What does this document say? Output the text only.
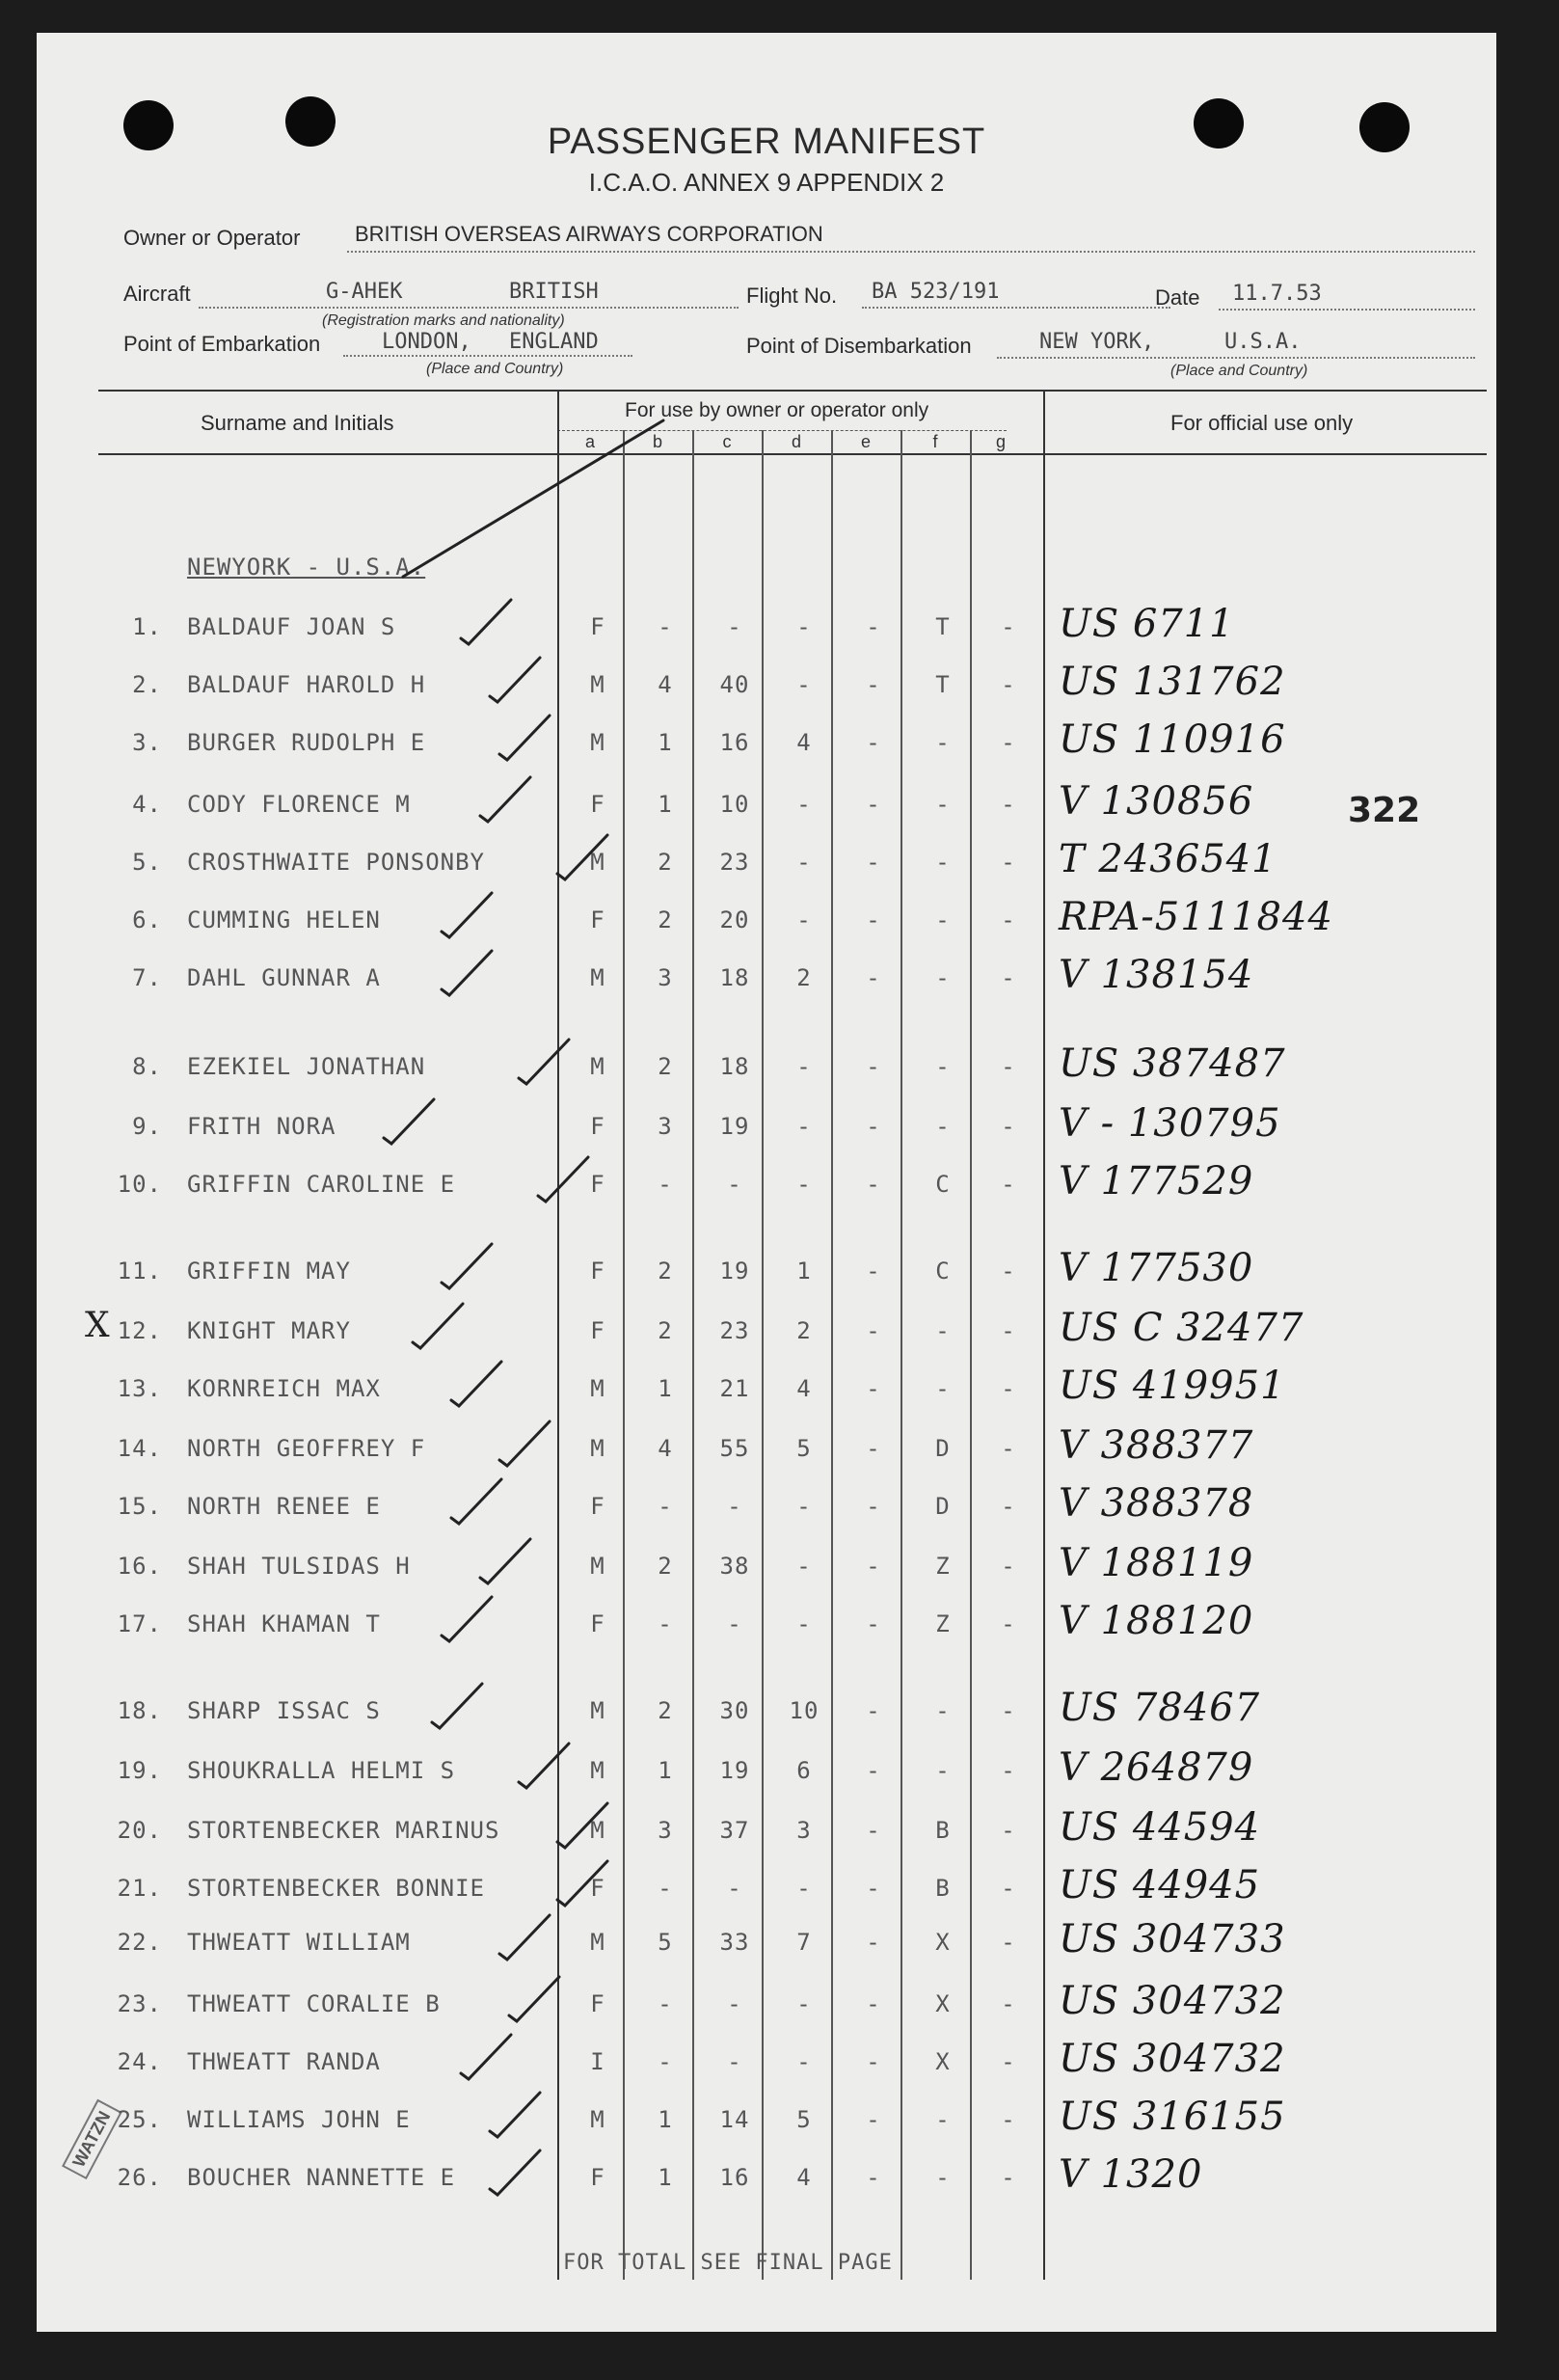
PASSENGER MANIFEST
I.C.A.O. ANNEX 9 APPENDIX 2
Owner or Operator	BRITISH OVERSEAS AIRWAYS CORPORATION
Aircraft	G-AHEK	BRITISH
(Registration marks and nationality)
Flight No. BA 523/191	Date 11.7.53
Point of Embarkation	LONDON, ENGLAND
(Place and Country)
Point of Disembarkation	NEW YORK,	U.S.A.
(Place and Country)
Surname and Initials
For use by owner or operator only
For official use only
a	b	c	d	e	f	g
NEWYORK - U.S.A.
322
X
WATZN
1. BALDAUF JOAN S	F	-	-	-	-	T	-	US 6711
2. BALDAUF HAROLD H	M	4	40	-	-	T	-	US 131762
3. BURGER RUDOLPH E	M	1	16	4	-	-	-	US 110916
4. CODY FLORENCE M	F	1	10	-	-	-	-	V 130856
5. CROSTHWAITE PONSONBY	M	2	23	-	-	-	-	T 2436541
6. CUMMING HELEN	F	2	20	-	-	-	-	RPA-5111844
7. DAHL GUNNAR A	M	3	18	2	-	-	-	V 138154
8. EZEKIEL JONATHAN	M	2	18	-	-	-	-	US 387487
9. FRITH NORA	F	3	19	-	-	-	-	V - 130795
10. GRIFFIN CAROLINE E	F	-	-	-	-	C	-	V 177529
11. GRIFFIN MAY	F	2	19	1	-	C	-	V 177530
12. KNIGHT MARY	F	2	23	2	-	-	-	US C 32477
13. KORNREICH MAX	M	1	21	4	-	-	-	US 419951
14. NORTH GEOFFREY F	M	4	55	5	-	D	-	V 388377
15. NORTH RENEE E	F	-	-	-	-	D	-	V 388378
16. SHAH TULSIDAS H	M	2	38	-	-	Z	-	V 188119
17. SHAH KHAMAN T	F	-	-	-	-	Z	-	V 188120
18. SHARP ISSAC S	M	2	30	10	-	-	-	US 78467
19. SHOUKRALLA HELMI S	M	1	19	6	-	-	-	V 264879
20. STORTENBECKER MARINUS	M	3	37	3	-	B	-	US 44594
21. STORTENBECKER BONNIE	F	-	-	-	-	B	-	US 44945
22. THWEATT WILLIAM	M	5	33	7	-	X	-	US 304733
23. THWEATT CORALIE B	F	-	-	-	-	X	-	US 304732
24. THWEATT RANDA	I	-	-	-	-	X	-	US 304732
25. WILLIAMS JOHN E	M	1	14	5	-	-	-	US 316155
26. BOUCHER NANNETTE E	F	1	16	4	-	-	-	V 1320
FOR TOTAL SEE FINAL PAGE
